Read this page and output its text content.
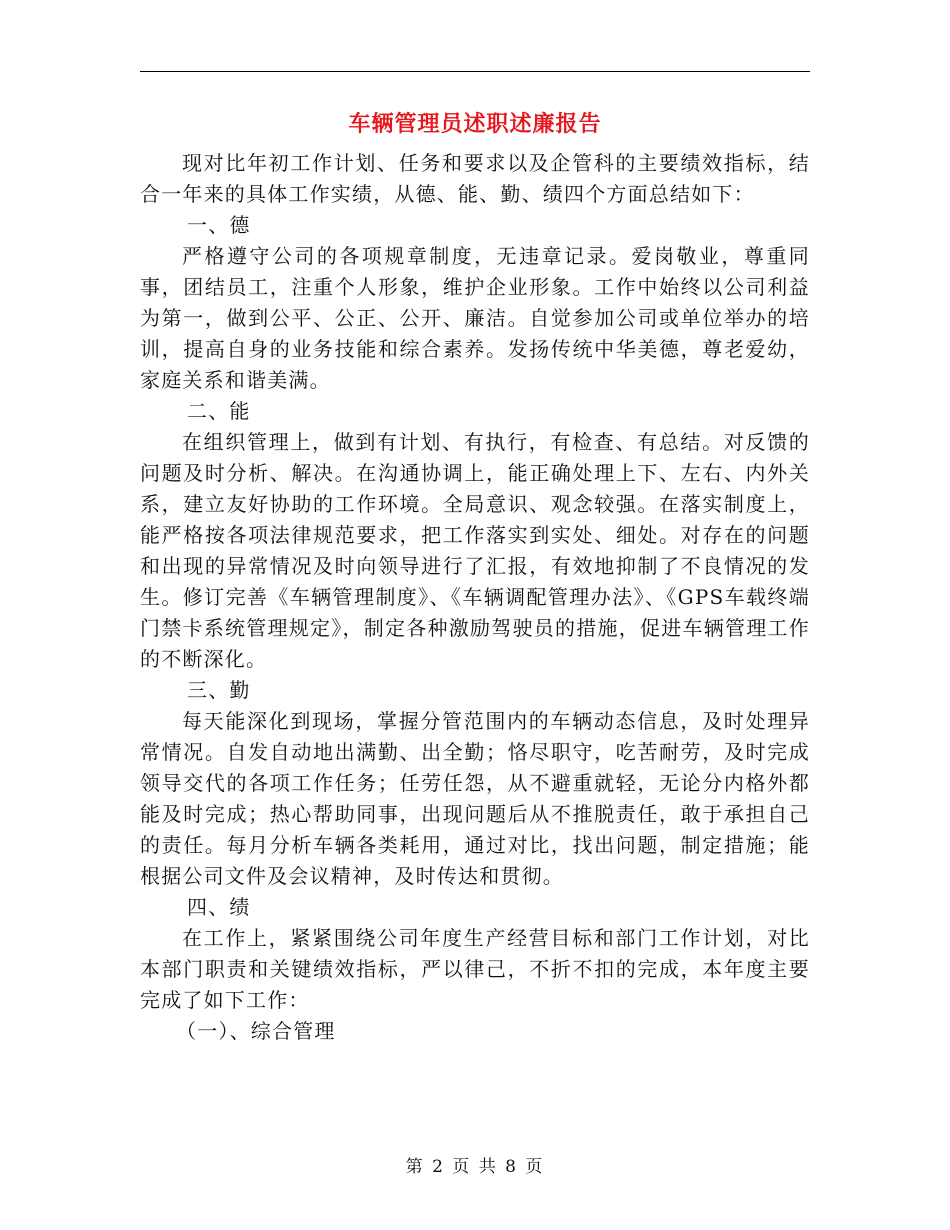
车辆管理员述职述廉报告

现对比年初工作计划、任务和要求以及企管科的主要绩效指标，结合一年来的具体工作实绩，从德、能、勤、绩四个方面总结如下：

一、德

严格遵守公司的各项规章制度，无违章记录。爱岗敬业，尊重同事，团结员工，注重个人形象，维护企业形象。工作中始终以公司利益为第一，做到公平、公正、公开、廉洁。自觉参加公司或单位举办的培训，提高自身的业务技能和综合素养。发扬传统中华美德，尊老爱幼，家庭关系和谐美满。

二、能

在组织管理上，做到有计划、有执行，有检查、有总结。对反馈的问题及时分析、解决。在沟通协调上，能正确处理上下、左右、内外关系，建立友好协助的工作环境。全局意识、观念较强。在落实制度上，能严格按各项法律规范要求，把工作落实到实处、细处。对存在的问题和出现的异常情况及时向领导进行了汇报，有效地抑制了不良情况的发生。修订完善《车辆管理制度》、《车辆调配管理办法》、《GPS车载终端门禁卡系统管理规定》，制定各种激励驾驶员的措施，促进车辆管理工作的不断深化。

三、勤

每天能深化到现场，掌握分管范围内的车辆动态信息，及时处理异常情况。自发自动地出满勤、出全勤；恪尽职守，吃苦耐劳，及时完成领导交代的各项工作任务；任劳任怨，从不避重就轻，无论分内格外都能及时完成；热心帮助同事，出现问题后从不推脱责任，敢于承担自己的责任。每月分析车辆各类耗用，通过对比，找出问题，制定措施；能根据公司文件及会议精神，及时传达和贯彻。

四、绩

在工作上，紧紧围绕公司年度生产经营目标和部门工作计划，对比本部门职责和关键绩效指标，严以律己，不折不扣的完成，本年度主要完成了如下工作：

（一）、综合管理

第 2 页 共 8 页
